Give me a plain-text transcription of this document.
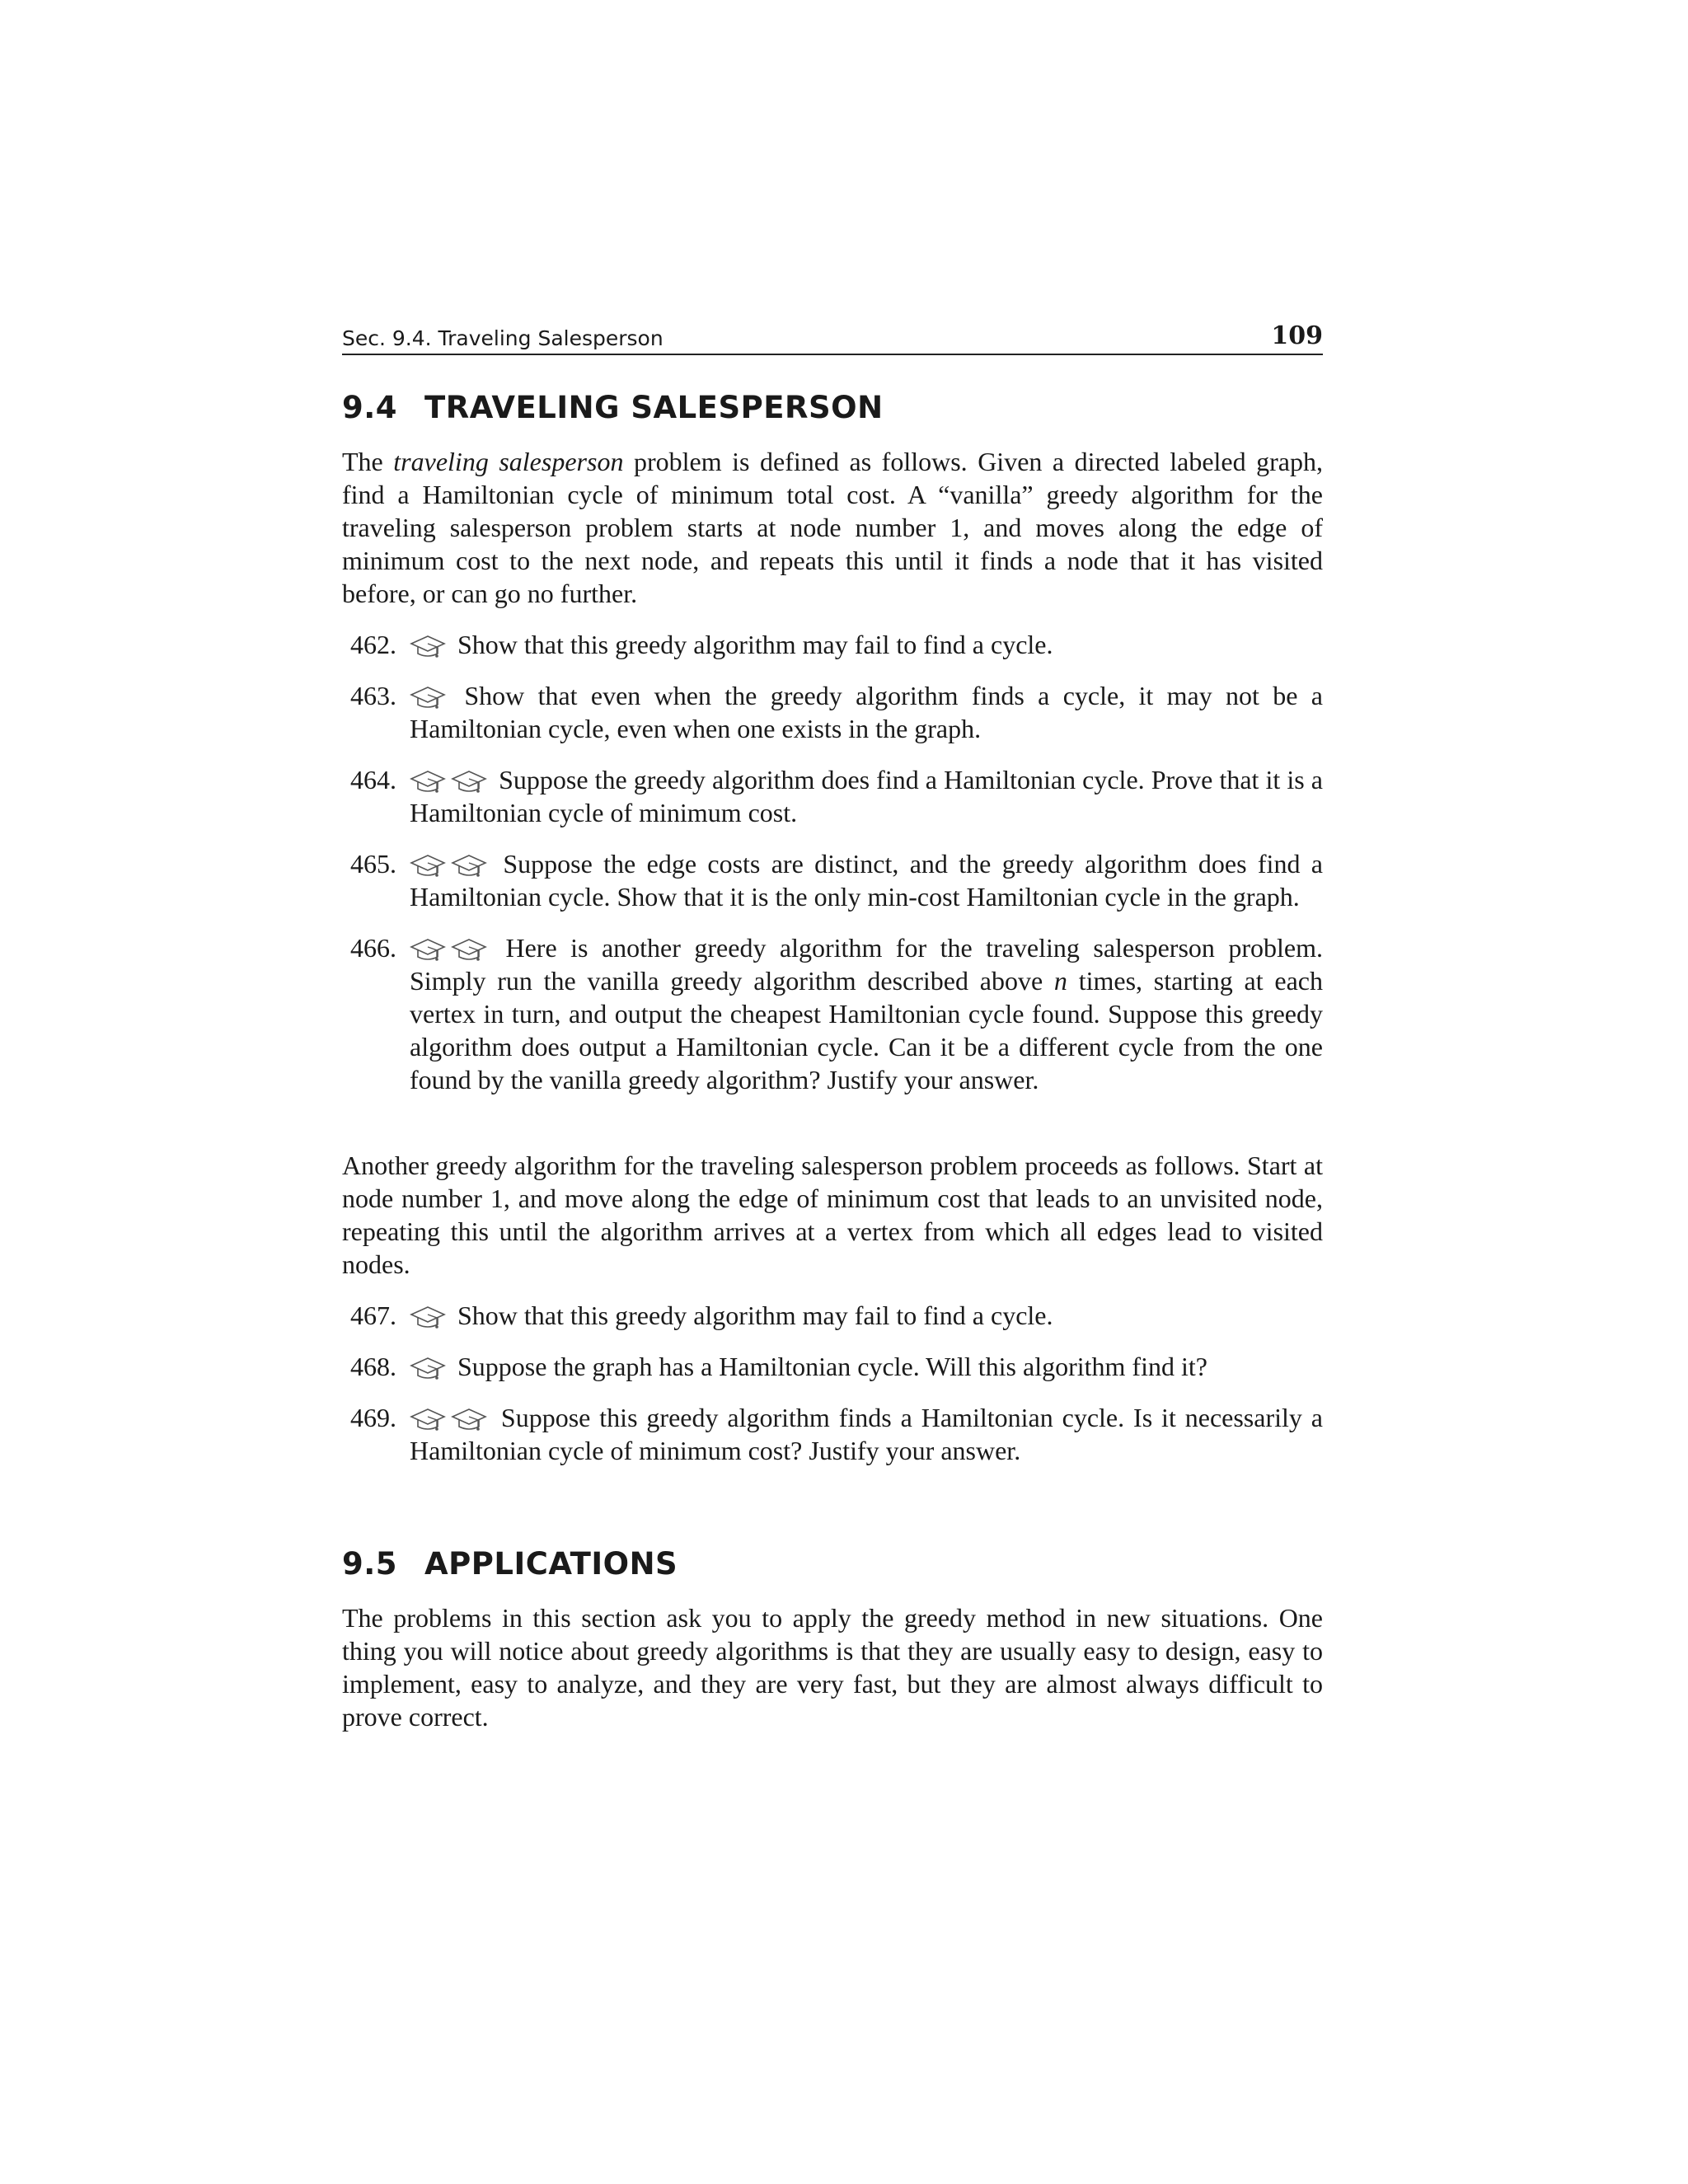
Sec. 9.4. Traveling Salesperson	109
9.4 TRAVELING SALESPERSON

The traveling salesperson problem is defined as follows. Given a directed labeled graph, find a Hamiltonian cycle of minimum total cost. A “vanilla” greedy algorithm for the traveling salesperson problem starts at node number 1, and moves along the edge of minimum cost to the next node, and repeats this until it finds a node that it has visited before, or can go no further.

462. Show that this greedy algorithm may fail to find a cycle.
463.	Show that even when the greedy algorithm finds a cycle, it may not be a Hamiltonian cycle, even when one exists in the graph.
464.	Suppose the greedy algorithm does find a Hamiltonian cycle. Prove that it is a Hamiltonian cycle of minimum cost.
465.	Suppose the edge costs are distinct, and the greedy algorithm does find a Hamiltonian cycle. Show that it is the only min-cost Hamiltonian cycle in the graph.
466.	Here is another greedy algorithm for the traveling salesperson problem. Simply run the vanilla greedy algorithm described above n times, starting at each vertex in turn, and output the cheapest Hamiltonian cycle found. Suppose this greedy algorithm does output a Hamiltonian cycle. Can it be a different cycle from the one found by the vanilla greedy algorithm? Justify your answer.

Another greedy algorithm for the traveling salesperson problem proceeds as follows. Start at node number 1, and move along the edge of minimum cost that leads to an unvisited node, repeating this until the algorithm arrives at a vertex from which all edges lead to visited nodes.

467. Show that this greedy algorithm may fail to find a cycle.
468. Suppose the graph has a Hamiltonian cycle. Will this algorithm find it?
469.	Suppose this greedy algorithm finds a Hamiltonian cycle. Is it necessarily a Hamiltonian cycle of minimum cost? Justify your answer.
9.5 APPLICATIONS

The problems in this section ask you to apply the greedy method in new situations. One thing you will notice about greedy algorithms is that they are usually easy to design, easy to implement, easy to analyze, and they are very fast, but they are almost always difficult to prove correct.
